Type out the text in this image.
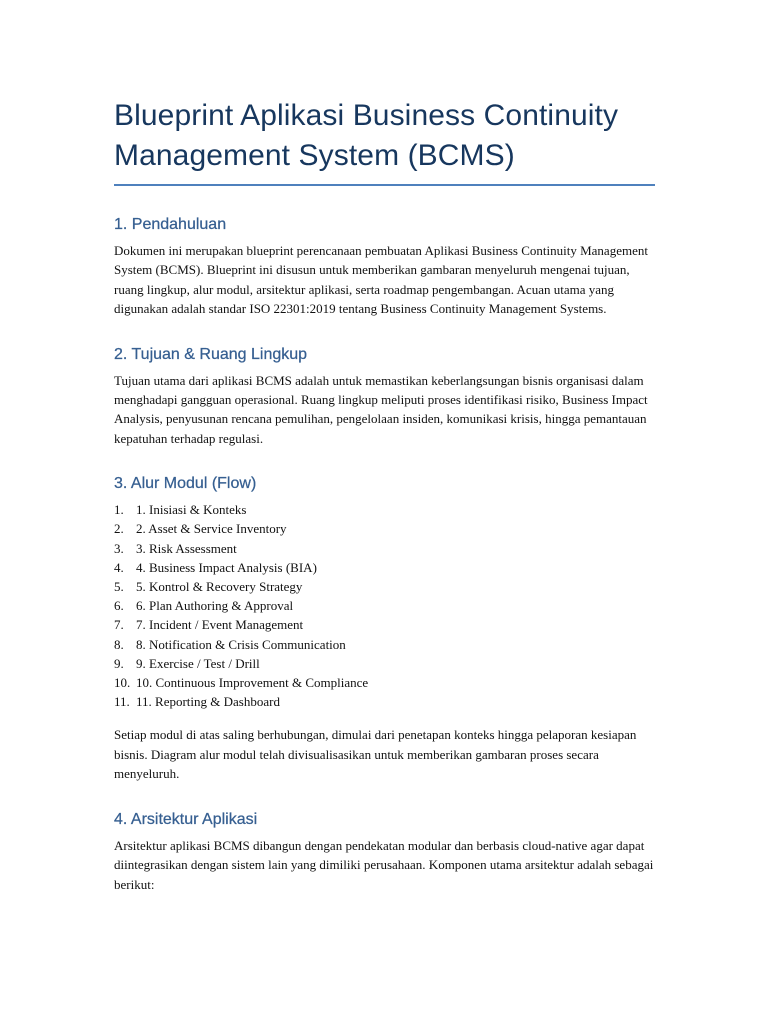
Blueprint Aplikasi Business Continuity
Management System (BCMS)
1. Pendahuluan

Dokumen ini merupakan blueprint perencanaan pembuatan Aplikasi Business Continuity Management System (BCMS). Blueprint ini disusun untuk memberikan gambaran menyeluruh mengenai tujuan, ruang lingkup, alur modul, arsitektur aplikasi, serta roadmap pengembangan. Acuan utama yang digunakan adalah standar ISO 22301:2019 tentang Business Continuity Management Systems.

2. Tujuan & Ruang Lingkup

Tujuan utama dari aplikasi BCMS adalah untuk memastikan keberlangsungan bisnis organisasi dalam menghadapi gangguan operasional. Ruang lingkup meliputi proses identifikasi risiko, Business Impact Analysis, penyusunan rencana pemulihan, pengelolaan insiden, komunikasi krisis, hingga pemantauan kepatuhan terhadap regulasi.

3. Alur Modul (Flow)
1. 1. Inisiasi & Konteks
2. 2. Asset & Service Inventory
3. 3. Risk Assessment
4. 4. Business Impact Analysis (BIA)
5. 5. Kontrol & Recovery Strategy
6. 6. Plan Authoring & Approval
7. 7. Incident / Event Management
8. 8. Notification & Crisis Communication
9. 9. Exercise / Test / Drill
10. 10. Continuous Improvement & Compliance
11. 11. Reporting & Dashboard

Setiap modul di atas saling berhubungan, dimulai dari penetapan konteks hingga pelaporan kesiapan bisnis. Diagram alur modul telah divisualisasikan untuk memberikan gambaran proses secara menyeluruh.

4. Arsitektur Aplikasi

Arsitektur aplikasi BCMS dibangun dengan pendekatan modular dan berbasis cloud-native agar dapat diintegrasikan dengan sistem lain yang dimiliki perusahaan. Komponen utama arsitektur adalah sebagai berikut:
